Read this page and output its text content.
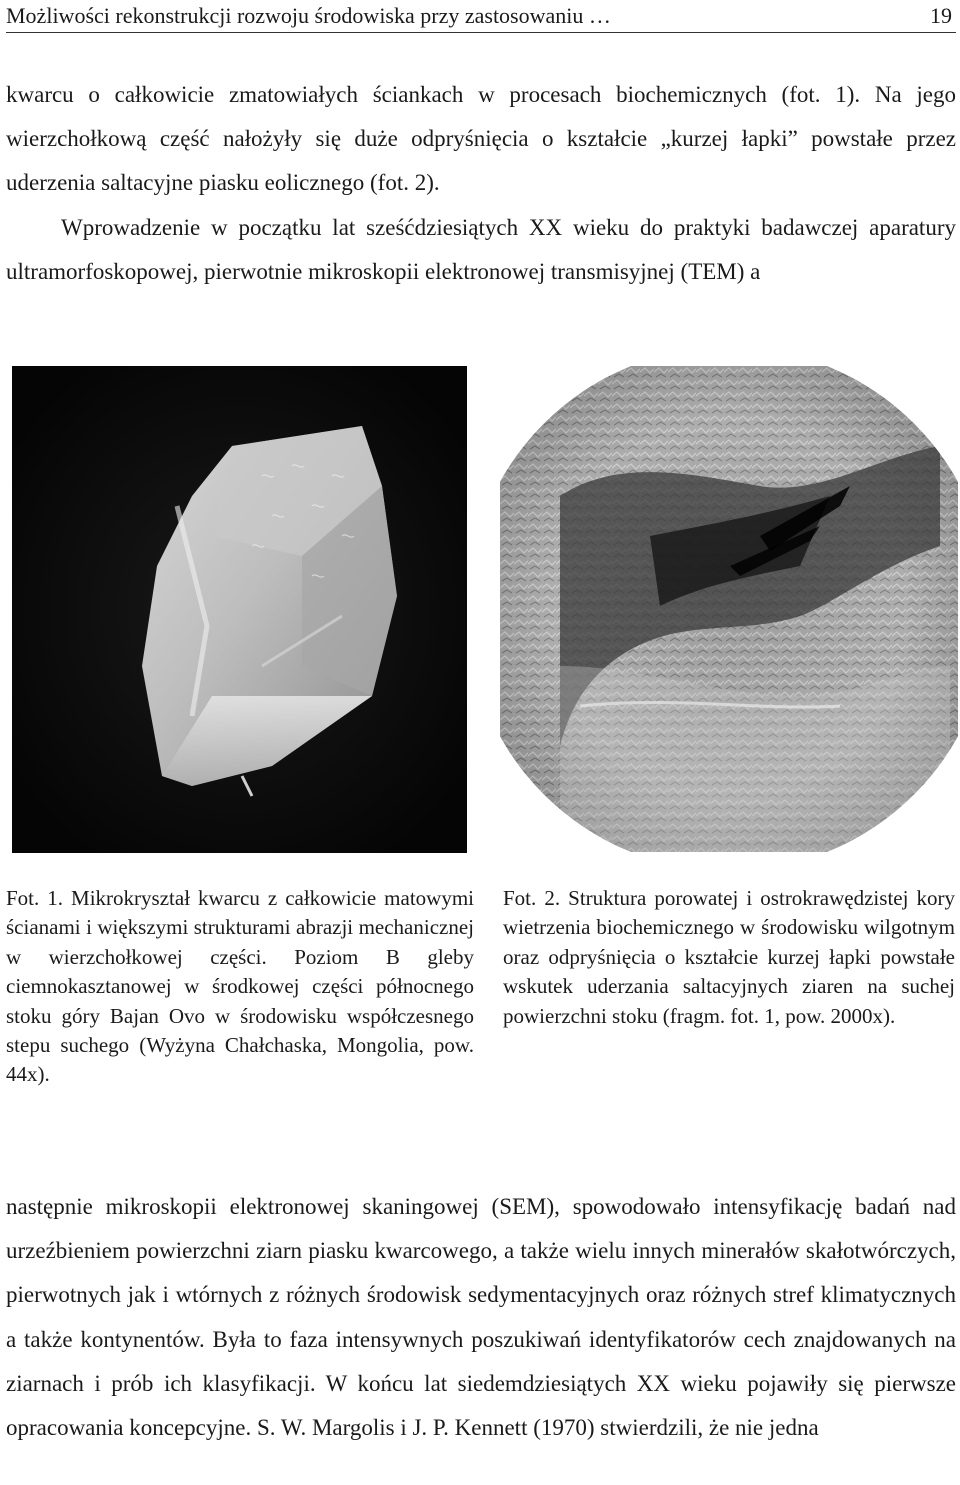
Możliwości rekonstrukcji rozwoju środowiska przy zastosowaniu …	19

kwarcu o całkowicie zmatowiałych ściankach w procesach biochemicznych (fot. 1). Na jego wierzchołkową część nałożyły się duże odpryśnięcia o kształcie „kurzej łapki” powstałe przez uderzenia saltacyjne piasku eolicznego (fot. 2).

Wprowadzenie w początku lat sześćdziesiątych XX wieku do praktyki badawczej aparatury ultramorfoskopowej, pierwotnie mikroskopii elektronowej transmisyjnej (TEM) a

Fot. 1. Mikrokryształ kwarcu z całkowicie matowymi ścianami i większymi strukturami abrazji mechanicznej w wierzchołkowej części. Poziom B gleby ciemnokasztanowej w środkowej części północnego stoku góry Bajan Ovo w środowisku współczesnego stepu suchego (Wyżyna Chałchaska, Mongolia, pow. 44x).

Fot. 2. Struktura porowatej i ostrokrawędzistej kory wietrzenia biochemicznego w środowisku wilgotnym oraz odpryśnięcia o kształcie kurzej łapki powstałe wskutek uderzania saltacyjnych ziaren na suchej powierzchni stoku (fragm. fot. 1, pow. 2000x).

następnie mikroskopii elektronowej skaningowej (SEM), spowodowało intensyfikację badań nad urzeźbieniem powierzchni ziarn piasku kwarcowego, a także wielu innych minerałów skałotwórczych, pierwotnych jak i wtórnych z różnych środowisk sedymentacyjnych oraz różnych stref klimatycznych a także kontynentów. Była to faza intensywnych poszukiwań identyfikatorów cech znajdowanych na ziarnach i prób ich klasyfikacji. W końcu lat siedemdziesiątych XX wieku pojawiły się pierwsze opracowania koncepcyjne. S. W. Margolis i J. P. Kennett (1970) stwierdzili, że nie jedna
